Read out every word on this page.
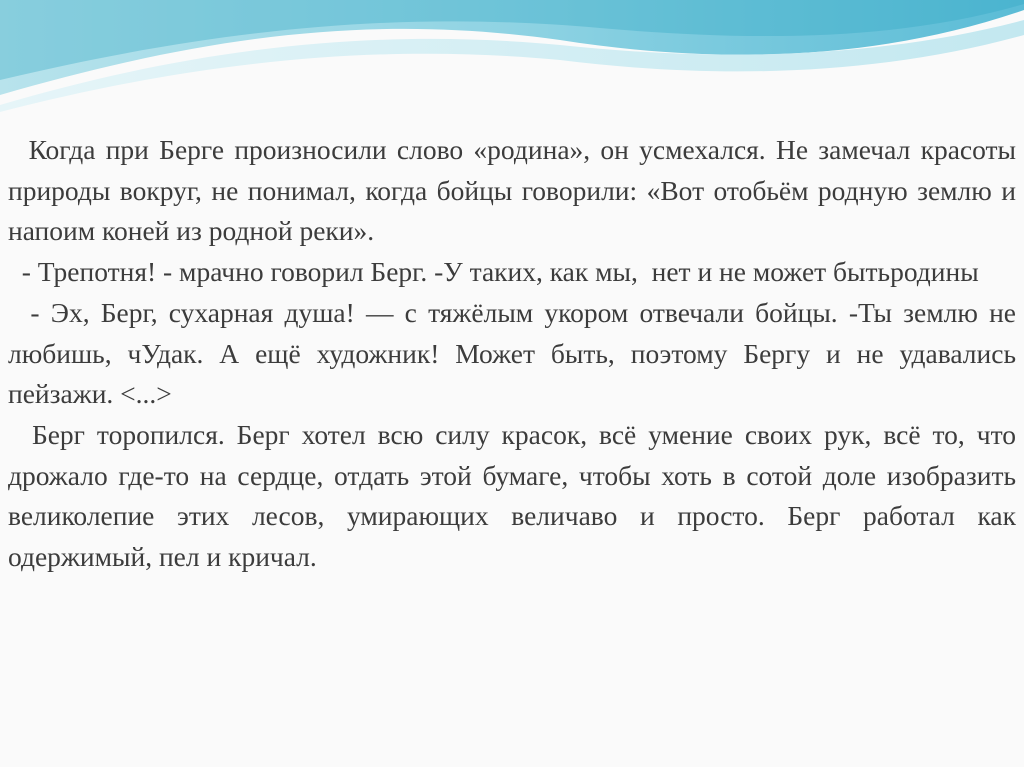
Когда при Берге произносили слово «родина», он усмехался. Не замечал красоты природы вокруг, не понимал, когда бойцы говорили: «Вот отобьём родную землю и напоим коней из родной реки».

- Трепотня! - мрачно говорил Берг. -У таких, как мы,  нет и не может бытьродины

- Эх, Берг, сухарная душа! — с тяжёлым укором отвечали бойцы. -Ты землю не любишь, чУдак. А ещё художник! Может быть, поэтому Бергу и не удавались пейзажи. <...>

Берг торопился. Берг хотел всю силу красок, всё умение своих рук, всё то, что дрожало где-то на сердце, отдать этой бумаге, чтобы хоть в сотой доле изобразить великолепие этих лесов, умирающих величаво и просто. Берг работал как одержимый, пел и кричал.
